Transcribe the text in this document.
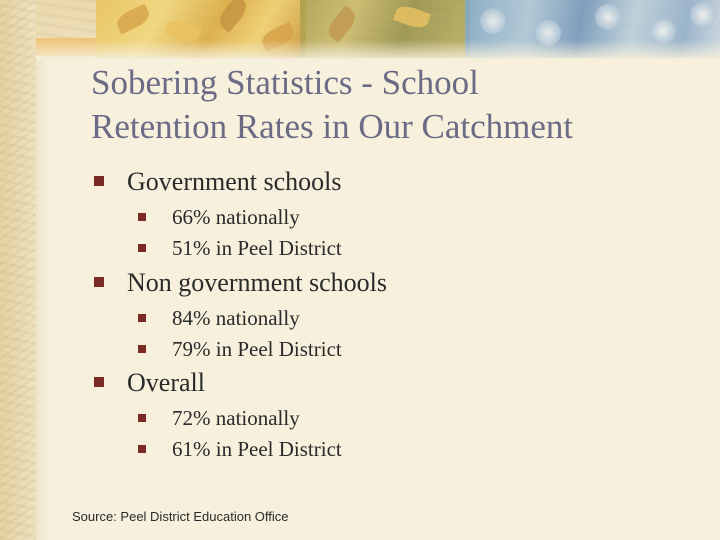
Sobering Statistics - School
Retention Rates in Our Catchment
Government schools
66% nationally
51% in Peel District
Non government schools
84% nationally
79% in Peel District
Overall
72% nationally
61% in Peel District
Source: Peel District Education Office
